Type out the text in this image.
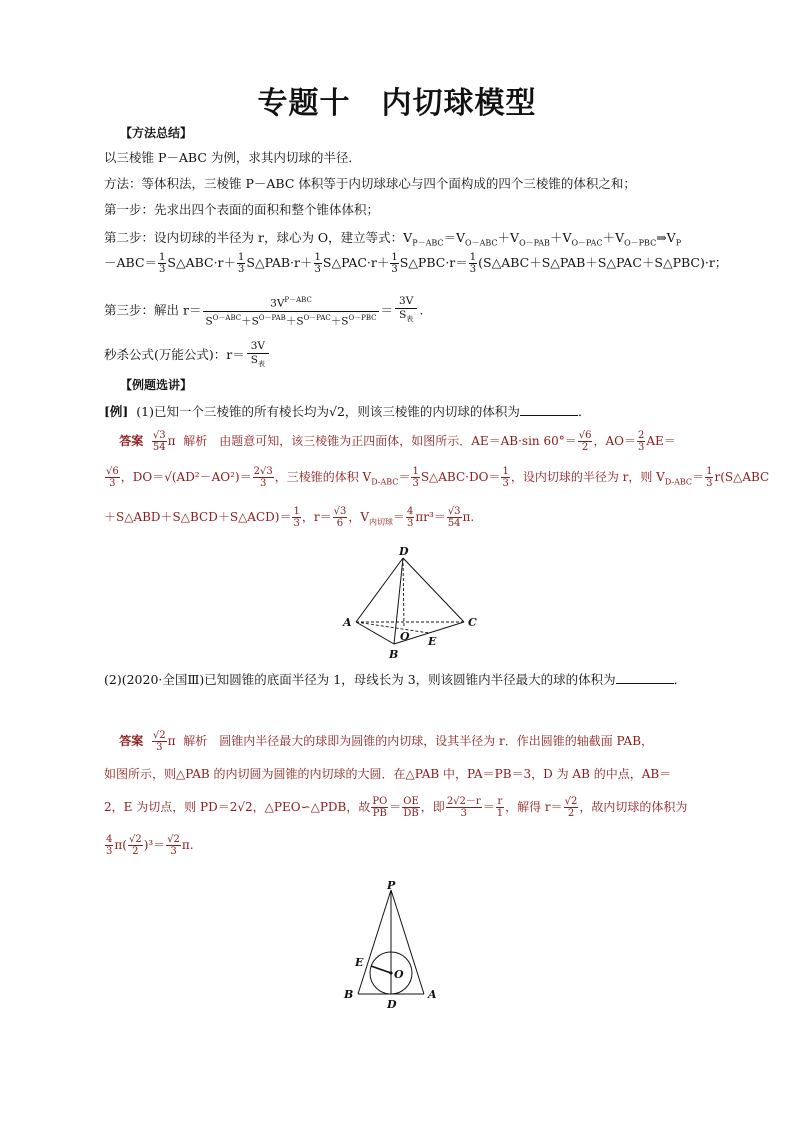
专题十　内切球模型
【方法总结】
以三棱锥 P－ABC 为例，求其内切球的半径．
方法：等体积法，三棱锥 P－ABC 体积等于内切球球心与四个面构成的四个三棱锥的体积之和；
第一步：先求出四个表面的面积和整个锥体体积；
第二步：设内切球的半径为 r，球心为 O，建立等式：$V_{P-ABC}=V_{O-ABC}+V_{O-PAB}+V_{O-PAC}+V_{O-PBC}\Rightarrow V_P$
$-ABC= \frac{1}{3}$ S△ABC·r＋ $\frac{1}{3}$ S△PAB·r＋ $\frac{1}{3}$ S△PAC·r＋ $\frac{1}{3}$ S△PBC·r＝ $\frac{1}{3}$ (S△ABC＋S△PAB＋S△PAC＋S△PBC)·r；
第三步：解出 r＝	$3V^{P-ABC}$
$S^{O-ABC}+S^{O-PAB}+S^{O-PAC}+S^{O-PBC}$ ＝
3V
$S_表$
.
秒杀公式(万能公式)：r＝
3V
$S_表$
【例题选讲】
[例] (1)已知一个三棱锥的所有棱长均为√2，则该三棱锥的内切球的体积为	．
答案 $\frac{√3}{54}$ π 解析　由题意可知，该三棱锥为正四面体，如图所示．AE＝AB·sin $60^\circ= \frac{√6}{2}$ ，$AO= \frac{2}{3} AE=$
$\frac{√6}{3}$ ，$DO=√(AD^2-AO^2)= \frac{2√3}{3}$ ，三棱锥的体积 $V_{D-ABC}= \frac{1}{3}$ S△ABC·DO＝ $\frac{1}{3}$ ，设内切球的半径为 r，则 $V_{D-ABC}= \frac{1}{3}$ r(S△ABC
＋S△ABD＋S△BCD＋S△ACD)＝ $\frac{1}{3}$ ，$r= \frac{√3}{6}$ ，$V_{内切球}= \frac{4}{3} \pi r^3= \frac{√3}{54} \pi$.
D
A	C
B
O E
(2)(2020·全国Ⅲ)已知圆锥的底面半径为 1，母线长为 3，则该圆锥内半径最大的球的体积为	．
答案 $\frac{√2}{3}$ π 解析　圆锥内半径最大的球即为圆锥的内切球，设其半径为 r．作出圆锥的轴截面 PAB，
如图所示，则△PAB 的内切圆为圆锥的内切球的大圆．在△PAB 中，PA＝PB＝3，D 为 AB 的中点，AB＝
2，E 为切点，则 PD＝2√2，△PEO∽△PDB，故 $\frac{PO}{PB} = \frac{OE}{DB}$ ，即 $\frac{2√2-r}{3} = \frac{r}{1}$ ，解得 $r= \frac{√2}{2}$ ，故内切球的体积为
$\frac{4}{3} \pi( \frac{√2}{2} )^3= \frac{√2}{3} \pi$.
P
E
O
B
D
A
